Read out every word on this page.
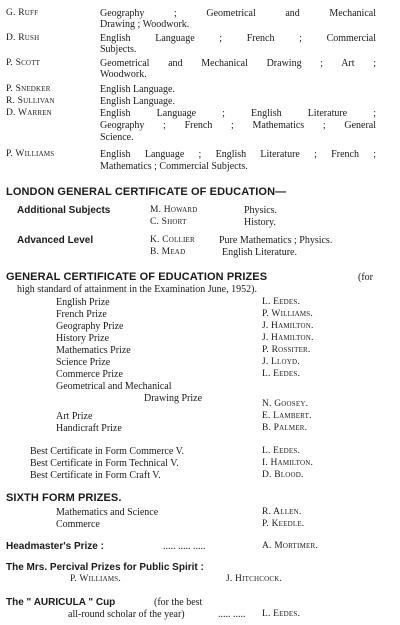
G. Ruff	Geography ; Geometrical and Mechanical
Drawing ; Woodwork.
D. Rush	English Language ; French ; Commercial
Subjects.
P. Scott	Geometrical and Mechanical Drawing ; Art ;
Woodwork.
P. Snedker	English Language.
R. Sullivan	English Language.
D. Warren	English Language ; English Literature ;
Geography ; French ; Mathematics ; General
Science.
P. Williams	English Language ; English Literature ; French ;
Mathematics ; Commercial Subjects.
LONDON GENERAL CERTIFICATE OF EDUCATION—
Additional Subjects	M. Howard	Physics.
C. Short	History.
Advanced Level	K. Collier Pure Mathematics ; Physics.
B. Mead	English Literature.
GENERAL CERTIFICATE OF EDUCATION PRIZES	(for
high standard of attainment in the Examination June, 1952).
English Prize	L. Eedes.
French Prize	P. Williams.
Geography Prize	J. Hamilton.
History Prize	J. Hamilton.
Mathematics Prize	P. Rossiter.
Science Prize	J. Lloyd.
Commerce Prize	L. Eedes.
Geometrical and Mechanical
Drawing Prize	N. Goosey.
Art Prize	E. Lambert.
Handicraft Prize	B. Palmer.
Best Certificate in Form Commerce V.	L. Eedes.
Best Certificate in Form Technical V.	I. Hamilton.
Best Certificate in Form Craft V.	D. Blood.
SIXTH FORM PRIZES.
Mathematics and Science	R. Allen.
Commerce	P. Keedle.
Headmaster's Prize :	..... ..... .....	A. Mortimer.
The Mrs. Percival Prizes for Public Spirit :
P. Williams.	J. Hitchcock.
The " AURICULA " Cup	(for the best
all-round scholar of the year)	..... ..... L. Eedes.
